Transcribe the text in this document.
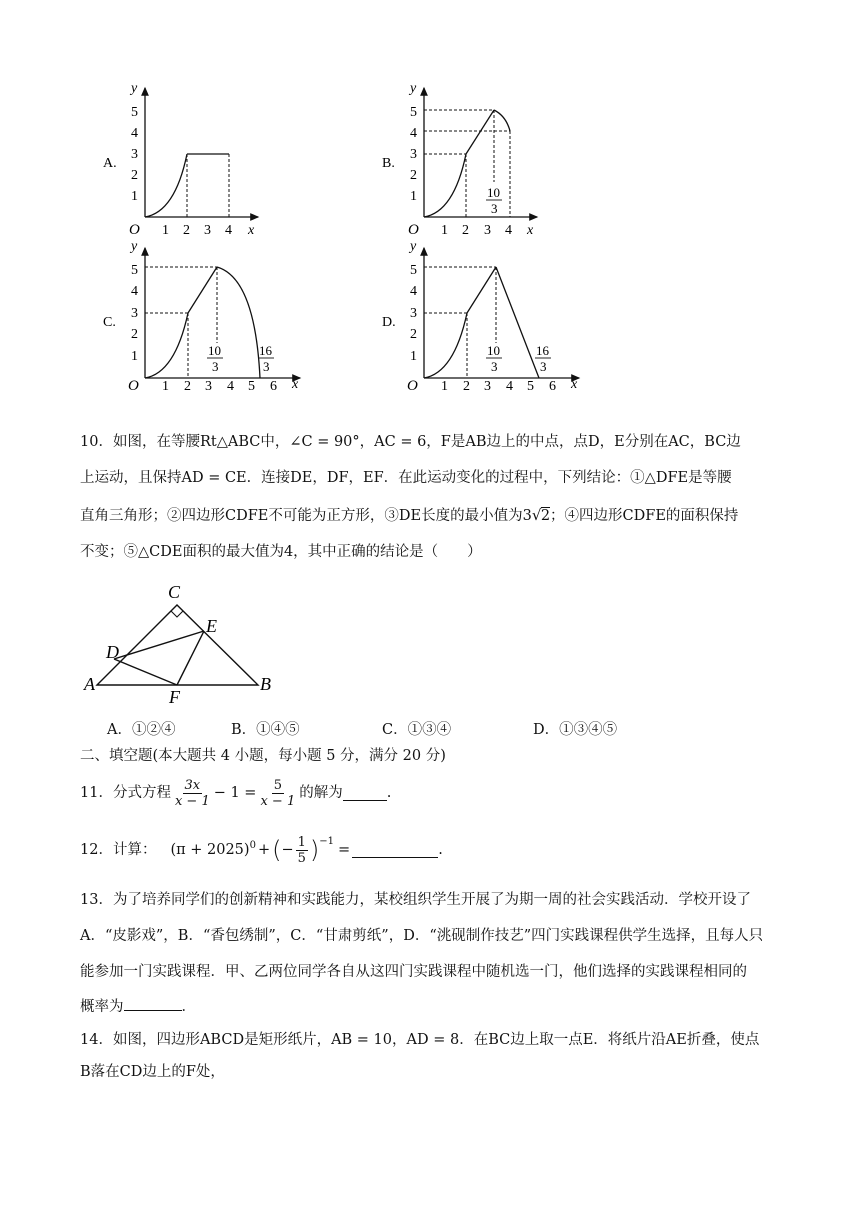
A.
y
x
O
1
2
3
4
5
1 2 3 4
B.
y
x
O
1
2
3
4
5
1 2 3 4
10
3
C.
y
x
O
1
2
3
4
5
1 2 3 4 5 6
10
3
16
3
D.
y
x
O
1
2
3
4
5
1 2 3 4 5 6
10
3
16
3
10．如图，在等腰Rt△ABC中，∠C = 90°，AC = 6，F是AB边上的中点，点D，E分别在AC，BC边
上运动，且保持AD = CE．连接DE，DF，EF．在此运动变化的过程中，下列结论：①△DFE是等腰
直角三角形；②四边形CDFE不可能为正方形，③DE长度的最小值为3 √ 2；④四边形CDFE的面积保持
不变；⑤△CDE面积的最大值为4，其中正确的结论是（　　）
C
A	B
D
E
F
A．①②④	B．①④⑤	C．①③④	D．①③④⑤
二、填空题(本大题共 4 小题，每小题 5 分，满分 20 分)
11．分式方程 $\frac{3x}{x - 1} - 1 = \frac{5}{x - 1}$ 的解为	.
12．计算： $(\pi + 2025)^0$ + ( − $\frac{1}{5} )^{-1}$
=	.
13．为了培养同学们的创新精神和实践能力，某校组织学生开展了为期一周的社会实践活动．学校开设了
A．“皮影戏”，B．“香包绣制”，C．“甘肃剪纸”，D．“洮砚制作技艺”四门实践课程供学生选择，且每人只
能参加一门实践课程．甲、乙两位同学各自从这四门实践课程中随机选一门，他们选择的实践课程相同的
概率为	．
14．如图，四边形ABCD是矩形纸片，AB = 10，AD = 8．在BC边上取一点E．将纸片沿AE折叠，使点
B落在CD边上的F处，
